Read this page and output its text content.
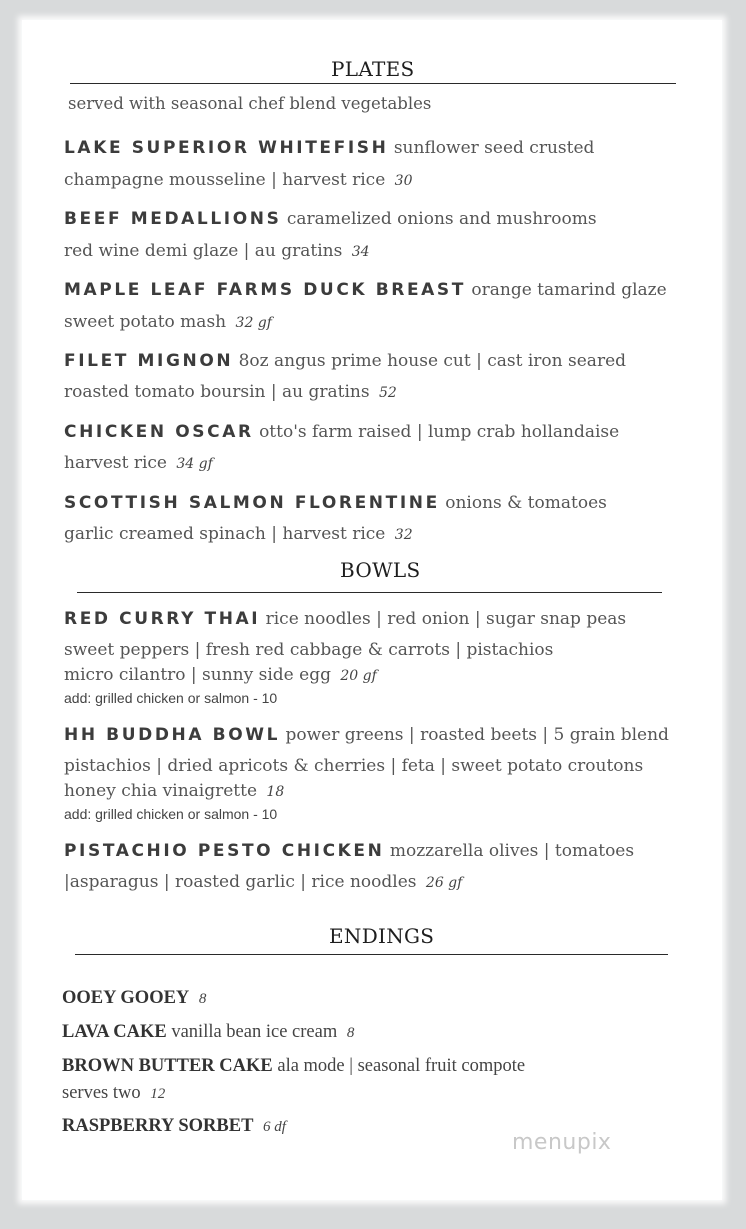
PLATES
served with seasonal chef blend vegetables
LAKE SUPERIOR WHITEFISH sunflower seed crusted
champagne mousseline | harvest rice 30
BEEF MEDALLIONS caramelized onions and mushrooms
red wine demi glaze | au gratins 34
MAPLE LEAF FARMS DUCK BREAST orange tamarind glaze
sweet potato mash 32 gf
FILET MIGNON 8oz angus prime house cut | cast iron seared
roasted tomato boursin | au gratins 52
CHICKEN OSCAR otto's farm raised | lump crab hollandaise
harvest rice 34 gf
SCOTTISH SALMON FLORENTINE onions & tomatoes
garlic creamed spinach | harvest rice 32
BOWLS
RED CURRY THAI rice noodles | red onion | sugar snap peas
sweet peppers | fresh red cabbage & carrots | pistachios
micro cilantro | sunny side egg 20 gf
add: grilled chicken or salmon - 10
HH BUDDHA BOWL power greens | roasted beets | 5 grain blend
pistachios | dried apricots & cherries | feta | sweet potato croutons
honey chia vinaigrette 18
add: grilled chicken or salmon - 10
PISTACHIO PESTO CHICKEN mozzarella olives | tomatoes
|asparagus | roasted garlic | rice noodles 26 gf
ENDINGS
OOEY GOOEY 8
LAVA CAKE vanilla bean ice cream 8
BROWN BUTTER CAKE ala mode | seasonal fruit compote
serves two 12
RASPBERRY SORBET 6 df
menupix
